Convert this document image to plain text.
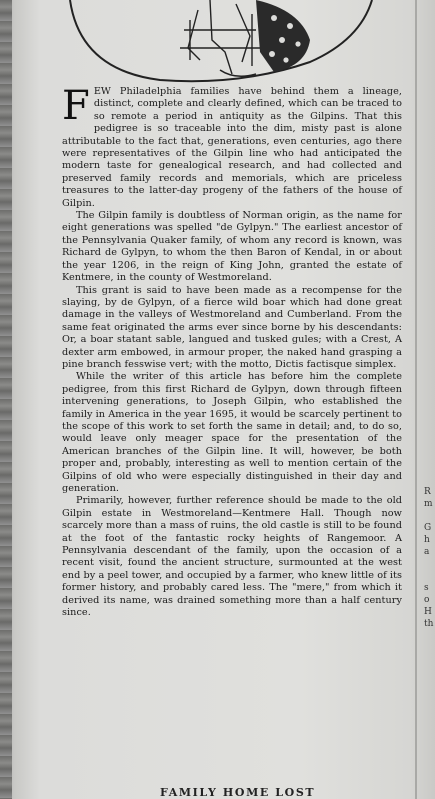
F EW Philadelphia families have behind them a lineage, distinct, complete and clearly defined, which can be traced to so remote a period in antiquity as the Gilpins. That this pedigree is so traceable into the dim, misty past is alone attributable to the fact that, generations, even centuries, ago there were representatives of the Gilpin line who had anticipated the modern taste for genealogical research, and had collected and preserved family records and memorials, which are priceless treasures to the latter-day progeny of the fathers of the house of Gilpin.

The Gilpin family is doubtless of Norman origin, as the name for eight generations was spelled "de Gylpyn." The earliest ancestor of the Pennsylvania Quaker family, of whom any record is known, was Richard de Gylpyn, to whom the then Baron of Kendal, in or about the year 1206, in the reign of King John, granted the estate of Kentmere, in the county of Westmoreland.

This grant is said to have been made as a recompense for the slaying, by de Gylpyn, of a fierce wild boar which had done great damage in the valleys of Westmoreland and Cumberland. From the same feat originated the arms ever since borne by his descendants: Or, a boar statant sable, langued and tusked gules; with a Crest, A dexter arm embowed, in armour proper, the naked hand grasping a pine branch fesswise vert; with the motto, Dictis factisque simplex.

While the writer of this article has before him the complete pedigree, from this first Richard de Gylpyn, down through fifteen intervening generations, to Joseph Gilpin, who established the family in America in the year 1695, it would be scarcely pertinent to the scope of this work to set forth the same in detail; and, to do so, would leave only meager space for the presentation of the American branches of the Gilpin line. It will, however, be both proper and, probably, interesting as well to mention certain of the Gilpins of old who were especially distinguished in their day and generation.

Primarily, however, further reference should be made to the old Gilpin estate in Westmoreland—Kentmere Hall. Though now scarcely more than a mass of ruins, the old castle is still to be found at the foot of the fantastic rocky heights of Rangemoor. A Pennsylvania descendant of the family, upon the occasion of a recent visit, found the ancient structure, surmounted at the west end by a peel tower, and occupied by a farmer, who knew little of its former history, and probably cared less. The "mere," from which it derived its name, was drained something more than a half century since.

FAMILY HOME LOST
R
m
G
h
a
s
o
H
th
